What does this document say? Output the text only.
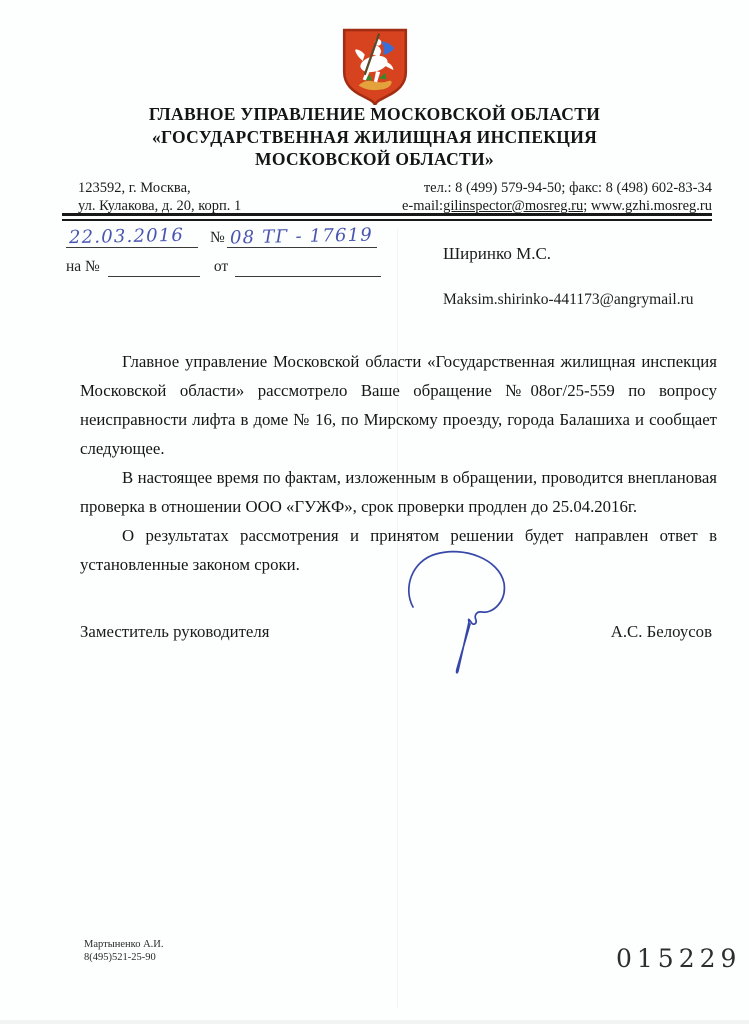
ГЛАВНОЕ УПРАВЛЕНИЕ МОСКОВСКОЙ ОБЛАСТИ
«ГОСУДАРСТВЕННАЯ ЖИЛИЩНАЯ ИНСПЕКЦИЯ
МОСКОВСКОЙ ОБЛАСТИ»
123592, г. Москва,
ул. Кулакова, д. 20, корп. 1
тел.: 8 (499) 579-94-50; факс: 8 (498) 602-83-34
e-mail:gilinspector@mosreg.ru; www.gzhi.mosreg.ru
22.03.2016	№ 08 ТГ - 17619
на №	от
Ширинко М.С.
Maksim.shirinko-441173@angrymail.ru

Главное управление Московской области «Государственная жилищная инспекция Московской области» рассмотрело Ваше обращение №08ог/25-559 по вопросу неисправности лифта в доме № 16, по Мирскому проезду, города Балашиха и сообщает следующее.

В настоящее время по фактам, изложенным в обращении, проводится внеплановая проверка в отношении ООО «ГУЖФ», срок проверки продлен до 25.04.2016г.

О результатах рассмотрения и принятом решении будет направлен ответ в установленные законом сроки.

Заместитель руководителя	А.С. Белоусов
Мартыненко А.И.
8(495)521-25-90	015229
